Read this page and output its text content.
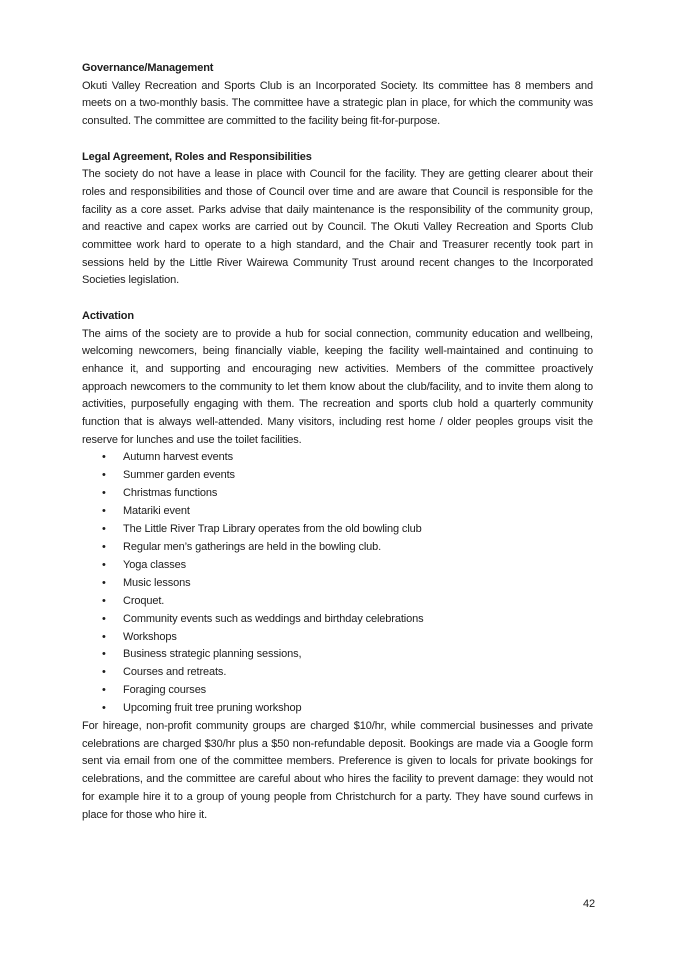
Governance/Management

Okuti Valley Recreation and Sports Club is an Incorporated Society. Its committee has 8 members and meets on a two-monthly basis. The committee have a strategic plan in place, for which the community was consulted. The committee are committed to the facility being fit-for-purpose.

Legal Agreement, Roles and Responsibilities

The society do not have a lease in place with Council for the facility. They are getting clearer about their roles and responsibilities and those of Council over time and are aware that Council is responsible for the facility as a core asset. Parks advise that daily maintenance is the responsibility of the community group, and reactive and capex works are carried out by Council. The Okuti Valley Recreation and Sports Club committee work hard to operate to a high standard, and the Chair and Treasurer recently took part in sessions held by the Little River Wairewa Community Trust around recent changes to the Incorporated Societies legislation.

Activation

The aims of the society are to provide a hub for social connection, community education and wellbeing, welcoming newcomers, being financially viable, keeping the facility well-maintained and continuing to enhance it, and supporting and encouraging new activities. Members of the committee proactively approach newcomers to the community to let them know about the club/facility, and to invite them along to activities, purposefully engaging with them. The recreation and sports club hold a quarterly community function that is always well-attended. Many visitors, including rest home / older peoples groups visit the reserve for lunches and use the toilet facilities.

• Autumn harvest events
• Summer garden events
• Christmas functions
• Matariki event
• The Little River Trap Library operates from the old bowling club
• Regular men’s gatherings are held in the bowling club.
• Yoga classes
• Music lessons
• Croquet.
• Community events such as weddings and birthday celebrations
• Workshops
• Business strategic planning sessions,
• Courses and retreats.
• Foraging courses
• Upcoming fruit tree pruning workshop

For hireage, non-profit community groups are charged $10/hr, while commercial businesses and private celebrations are charged $30/hr plus a $50 non-refundable deposit. Bookings are made via a Google form sent via email from one of the committee members. Preference is given to locals for private bookings for celebrations, and the committee are careful about who hires the facility to prevent damage: they would not for example hire it to a group of young people from Christchurch for a party. They have sound curfews in place for those who hire it.

42
